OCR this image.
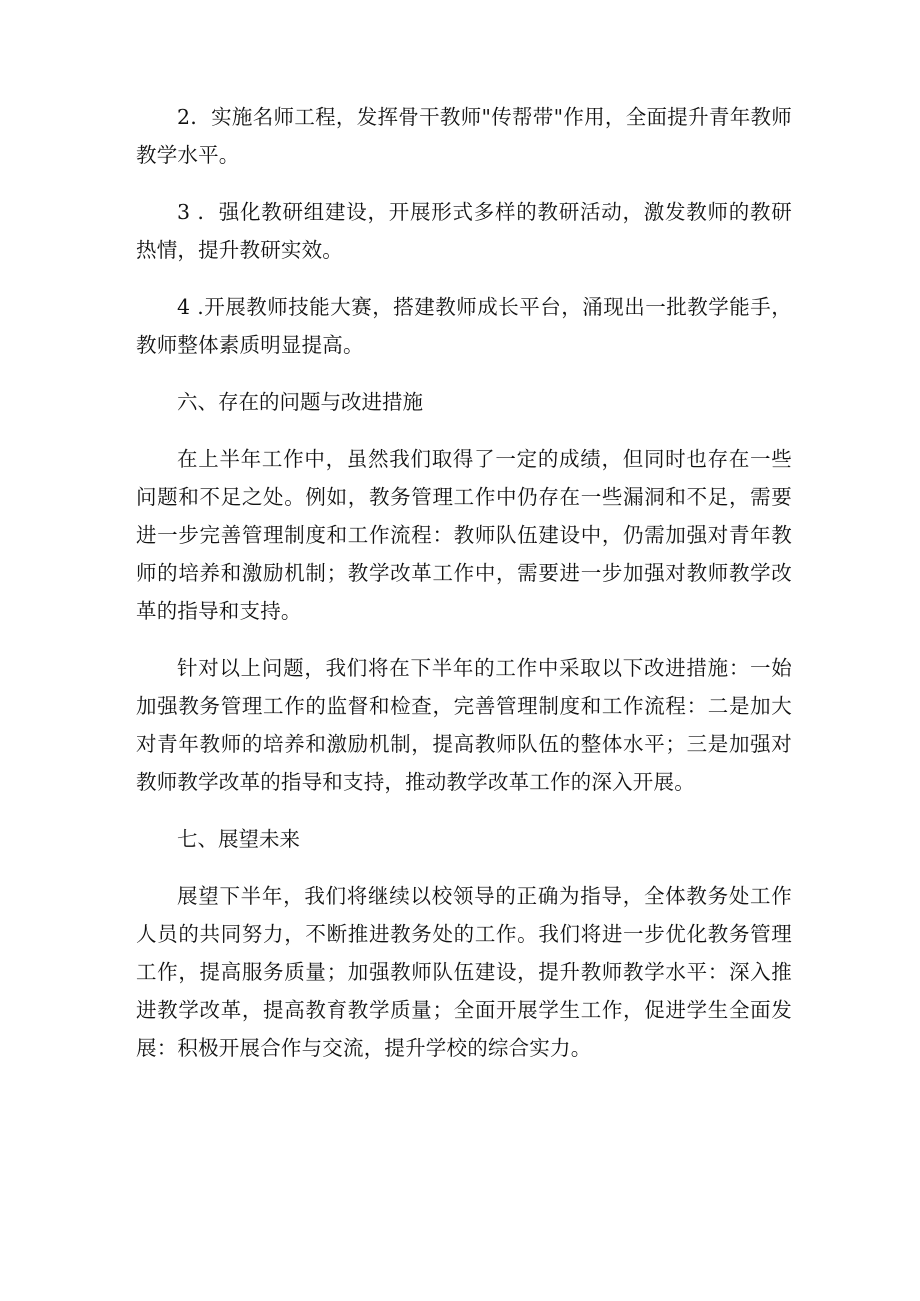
2．实施名师工程，发挥骨干教师"传帮带"作用，全面提升青年教师教学水平。

3 ．强化教研组建设，开展形式多样的教研活动，激发教师的教研热情，提升教研实效。

4 .开展教师技能大赛，搭建教师成长平台，涌现出一批教学能手，教师整体素质明显提高。

六、存在的问题与改进措施

在上半年工作中，虽然我们取得了一定的成绩，但同时也存在一些问题和不足之处。例如，教务管理工作中仍存在一些漏洞和不足，需要进一步完善管理制度和工作流程：教师队伍建设中，仍需加强对青年教师的培养和激励机制；教学改革工作中，需要进一步加强对教师教学改革的指导和支持。

针对以上问题，我们将在下半年的工作中采取以下改进措施：一始加强教务管理工作的监督和检查，完善管理制度和工作流程：二是加大对青年教师的培养和激励机制，提高教师队伍的整体水平；三是加强对教师教学改革的指导和支持，推动教学改革工作的深入开展。

七、展望未来

展望下半年，我们将继续以校领导的正确为指导，全体教务处工作人员的共同努力，不断推进教务处的工作。我们将进一步优化教务管理工作，提高服务质量；加强教师队伍建设，提升教师教学水平：深入推进教学改革，提高教育教学质量；全面开展学生工作，促进学生全面发展：积极开展合作与交流，提升学校的综合实力。
